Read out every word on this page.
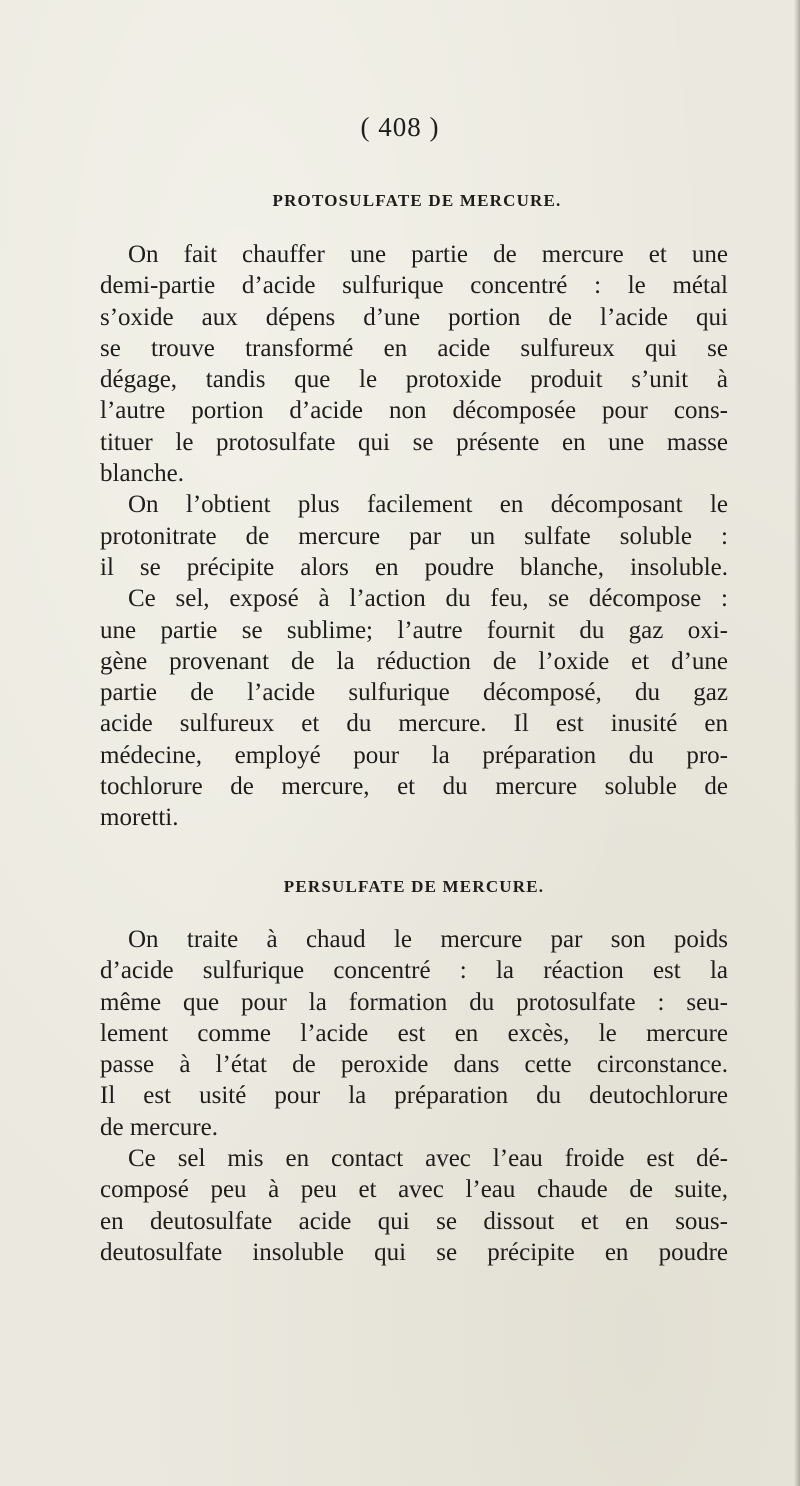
( 408 )
PROTOSULFATE DE MERCURE.
On fait chauffer une partie de mercure et une
demi-partie d’acide sulfurique concentré : le métal
s’oxide aux dépens d’une portion de l’acide qui
se trouve transformé en acide sulfureux qui se
dégage, tandis que le protoxide produit s’unit à
l’autre portion d’acide non décomposée pour cons-
tituer le protosulfate qui se présente en une masse
blanche.
On l’obtient plus facilement en décomposant le
protonitrate de mercure par un sulfate soluble :
il se précipite alors en poudre blanche, insoluble.
Ce sel, exposé à l’action du feu, se décompose :
une partie se sublime; l’autre fournit du gaz oxi-
gène provenant de la réduction de l’oxide et d’une
partie de l’acide sulfurique décomposé, du gaz
acide sulfureux et du mercure. Il est inusité en
médecine, employé pour la préparation du pro-
tochlorure de mercure, et du mercure soluble de
moretti.
PERSULFATE DE MERCURE.
On traite à chaud le mercure par son poids
d’acide sulfurique concentré : la réaction est la
même que pour la formation du protosulfate : seu-
lement comme l’acide est en excès, le mercure
passe à l’état de peroxide dans cette circonstance.
Il est usité pour la préparation du deutochlorure
de mercure.
Ce sel mis en contact avec l’eau froide est dé-
composé peu à peu et avec l’eau chaude de suite,
en deutosulfate acide qui se dissout et en sous-
deutosulfate insoluble qui se précipite en poudre
